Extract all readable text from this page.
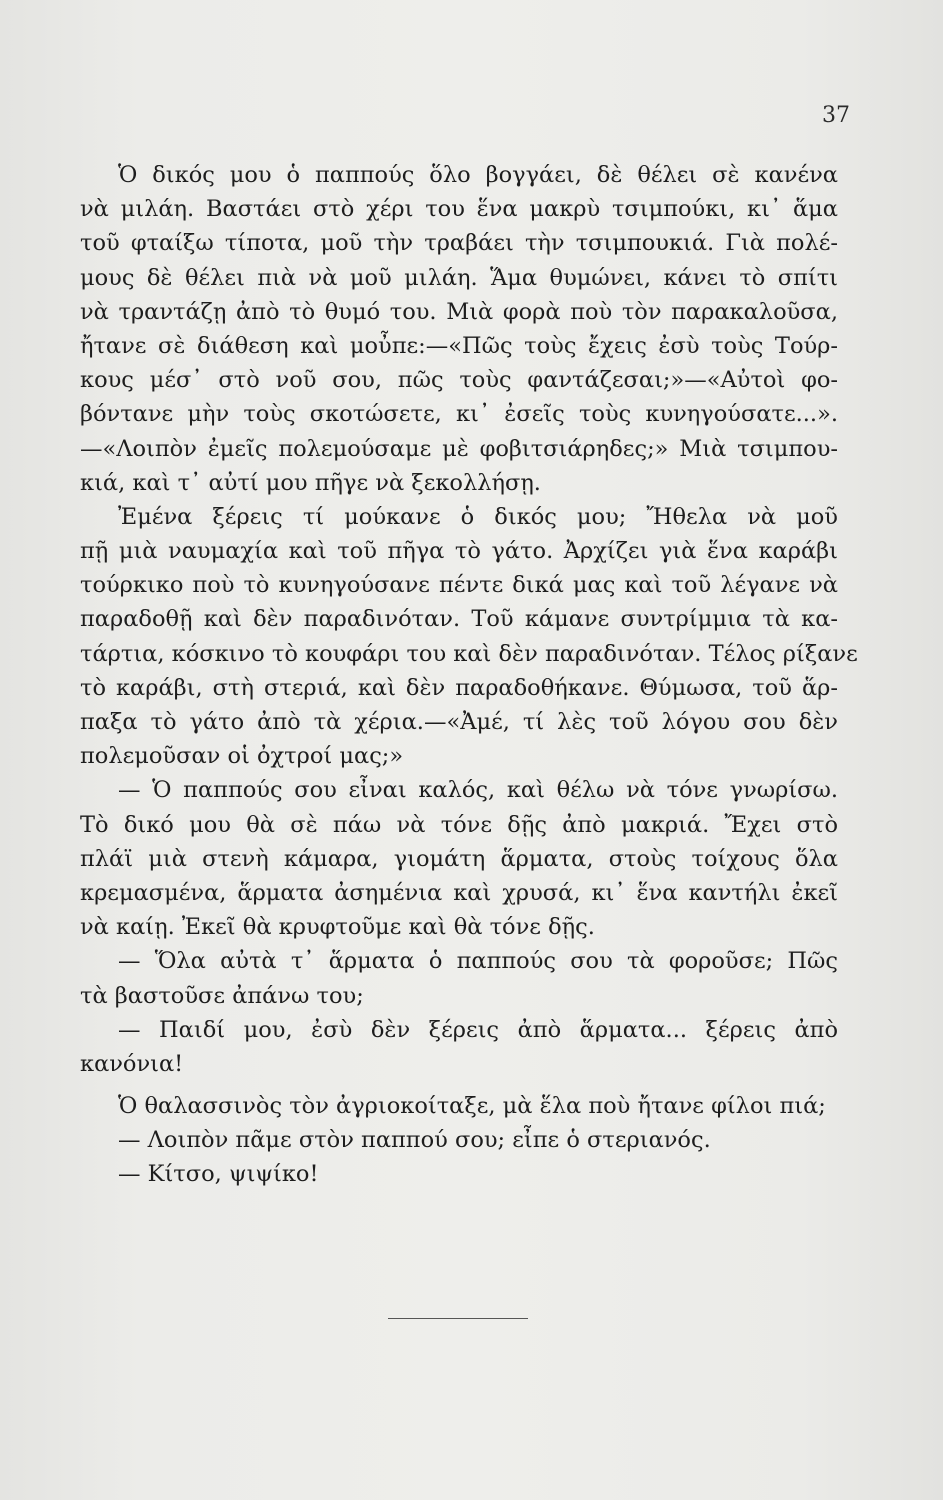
37
Ὁ δικός μου ὁ παππούς ὅλο βογγάει, δὲ θέλει σὲ κανένα
νὰ μιλάη. Βαστάει στὸ χέρι του ἕνα μακρὺ τσιμπούκι, κι᾿ ἅμα
τοῦ φταίξω τίποτα, μοῦ τὴν τραβάει τὴν τσιμπουκιά. Γιὰ πολέ-
μους δὲ θέλει πιὰ νὰ μοῦ μιλάη. Ἅμα θυμώνει, κάνει τὸ σπίτι
νὰ τραντάζῃ ἀπὸ τὸ θυμό του. Μιὰ φορὰ ποὺ τὸν παρακαλοῦσα,
ἤτανε σὲ διάθεση καὶ μοὖπε:—«Πῶς τοὺς ἔχεις ἐσὺ τοὺς Τούρ-
κους μέσ᾿ στὸ νοῦ σου, πῶς τοὺς φαντάζεσαι;»—«Αὐτοὶ φο-
βόντανε μὴν τοὺς σκοτώσετε, κι᾿ ἐσεῖς τοὺς κυνηγούσατε...».
—«Λοιπὸν ἐμεῖς πολεμούσαμε μὲ φοβιτσιάρηδες;» Μιὰ τσιμπου-
κιά, καὶ τ᾿ αὐτί μου πῆγε νὰ ξεκολλήσῃ.
Ἐμένα ξέρεις τί μούκανε ὁ δικός μου; Ἤθελα νὰ μοῦ
πῇ μιὰ ναυμαχία καὶ τοῦ πῆγα τὸ γάτο. Ἀρχίζει γιὰ ἕνα καράβι
τούρκικο ποὺ τὸ κυνηγούσανε πέντε δικά μας καὶ τοῦ λέγανε νὰ
παραδοθῇ καὶ δὲν παραδινόταν. Τοῦ κάμανε συντρίμμια τὰ κα-
τάρτια, κόσκινο τὸ κουφάρι του καὶ δὲν παραδινόταν. Τέλος ρίξανε
τὸ καράβι, στὴ στεριά, καὶ δὲν παραδοθήκανε. Θύμωσα, τοῦ ἅρ-
παξα τὸ γάτο ἀπὸ τὰ χέρια.—«Ἀμέ, τί λὲς τοῦ λόγου σου δὲν
πολεμοῦσαν οἱ ὀχτροί μας;»
— Ὁ παππούς σου εἶναι καλός, καὶ θέλω νὰ τόνε γνωρίσω.
Τὸ δικό μου θὰ σὲ πάω νὰ τόνε δῇς ἀπὸ μακριά. Ἔχει στὸ
πλάϊ μιὰ στενὴ κάμαρα, γιομάτη ἅρματα, στοὺς τοίχους ὅλα
κρεμασμένα, ἅρματα ἀσημένια καὶ χρυσά, κι᾿ ἕνα καντήλι ἐκεῖ
νὰ καίῃ. Ἐκεῖ θὰ κρυφτοῦμε καὶ θὰ τόνε δῇς.
— Ὅλα αὐτὰ τ᾿ ἅρματα ὁ παππούς σου τὰ φοροῦσε; Πῶς
τὰ βαστοῦσε ἀπάνω του;
— Παιδί μου, ἐσὺ δὲν ξέρεις ἀπὸ ἅρματα... ξέρεις ἀπὸ
κανόνια!
Ὁ θαλασσινὸς τὸν ἀγριοκοίταξε, μὰ ἕλα ποὺ ἤτανε φίλοι πιά;
— Λοιπὸν πᾶμε στὸν παππού σου; εἶπε ὁ στεριανός.
— Κίτσο, ψιψίκο!
